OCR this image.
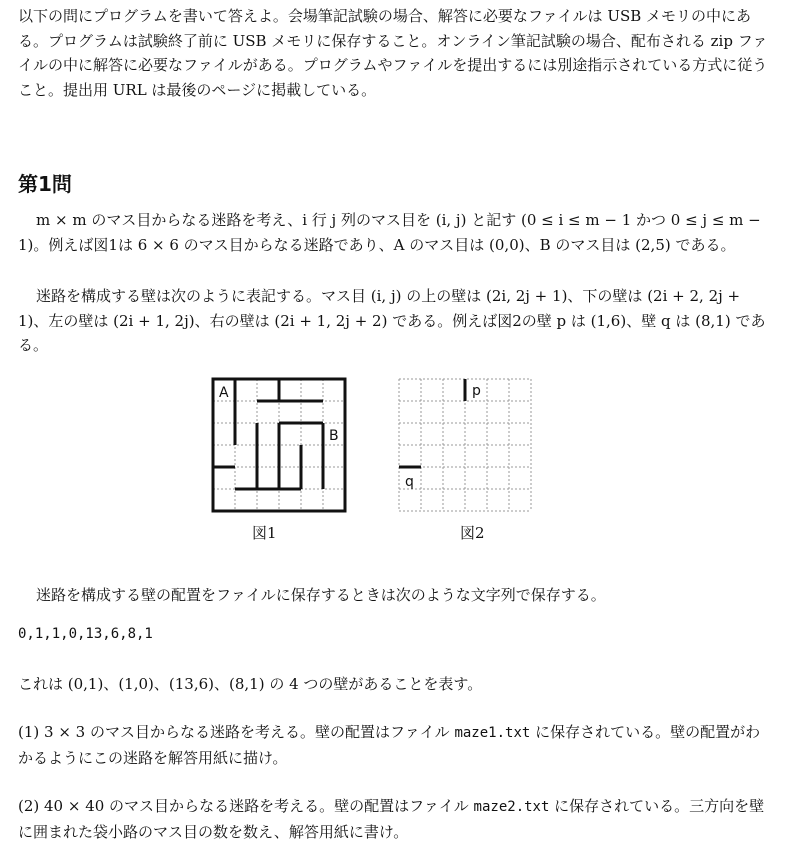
以下の問にプログラムを書いて答えよ。会場筆記試験の場合、解答に必要なファイルは USB メモリの中にある。プログラムは試験終了前に USB メモリに保存すること。オンライン筆記試験の場合、配布される zip ファイルの中に解答に必要なファイルがある。プログラムやファイルを提出するには別途指示されている方式に従うこと。提出用 URL は最後のページに掲載している。

第1問

m × m のマス目からなる迷路を考え、i 行 j 列のマス目を (i, j) と記す (0 ≤ i ≤ m − 1 かつ 0 ≤ j ≤ m − 1)。例えば図1は 6 × 6 のマス目からなる迷路であり、A のマス目は (0,0)、B のマス目は (2,5) である。

迷路を構成する壁は次のように表記する。マス目 (i, j) の上の壁は (2i, 2j + 1)、下の壁は (2i + 2, 2j + 1)、左の壁は (2i + 1, 2j)、右の壁は (2i + 1, 2j + 2) である。例えば図2の壁 p は (1,6)、壁 q は (8,1) である。

A
B
図1
p
q
図2

迷路を構成する壁の配置をファイルに保存するときは次のような文字列で保存する。

0,1,1,0,13,6,8,1

これは (0,1)、(1,0)、(13,6)、(8,1) の 4 つの壁があることを表す。

(1) 3 × 3 のマス目からなる迷路を考える。壁の配置はファイル maze1.txt に保存されている。壁の配置がわかるようにこの迷路を解答用紙に描け。

(2) 40 × 40 のマス目からなる迷路を考える。壁の配置はファイル maze2.txt に保存されている。三方向を壁に囲まれた袋小路のマス目の数を数え、解答用紙に書け。
